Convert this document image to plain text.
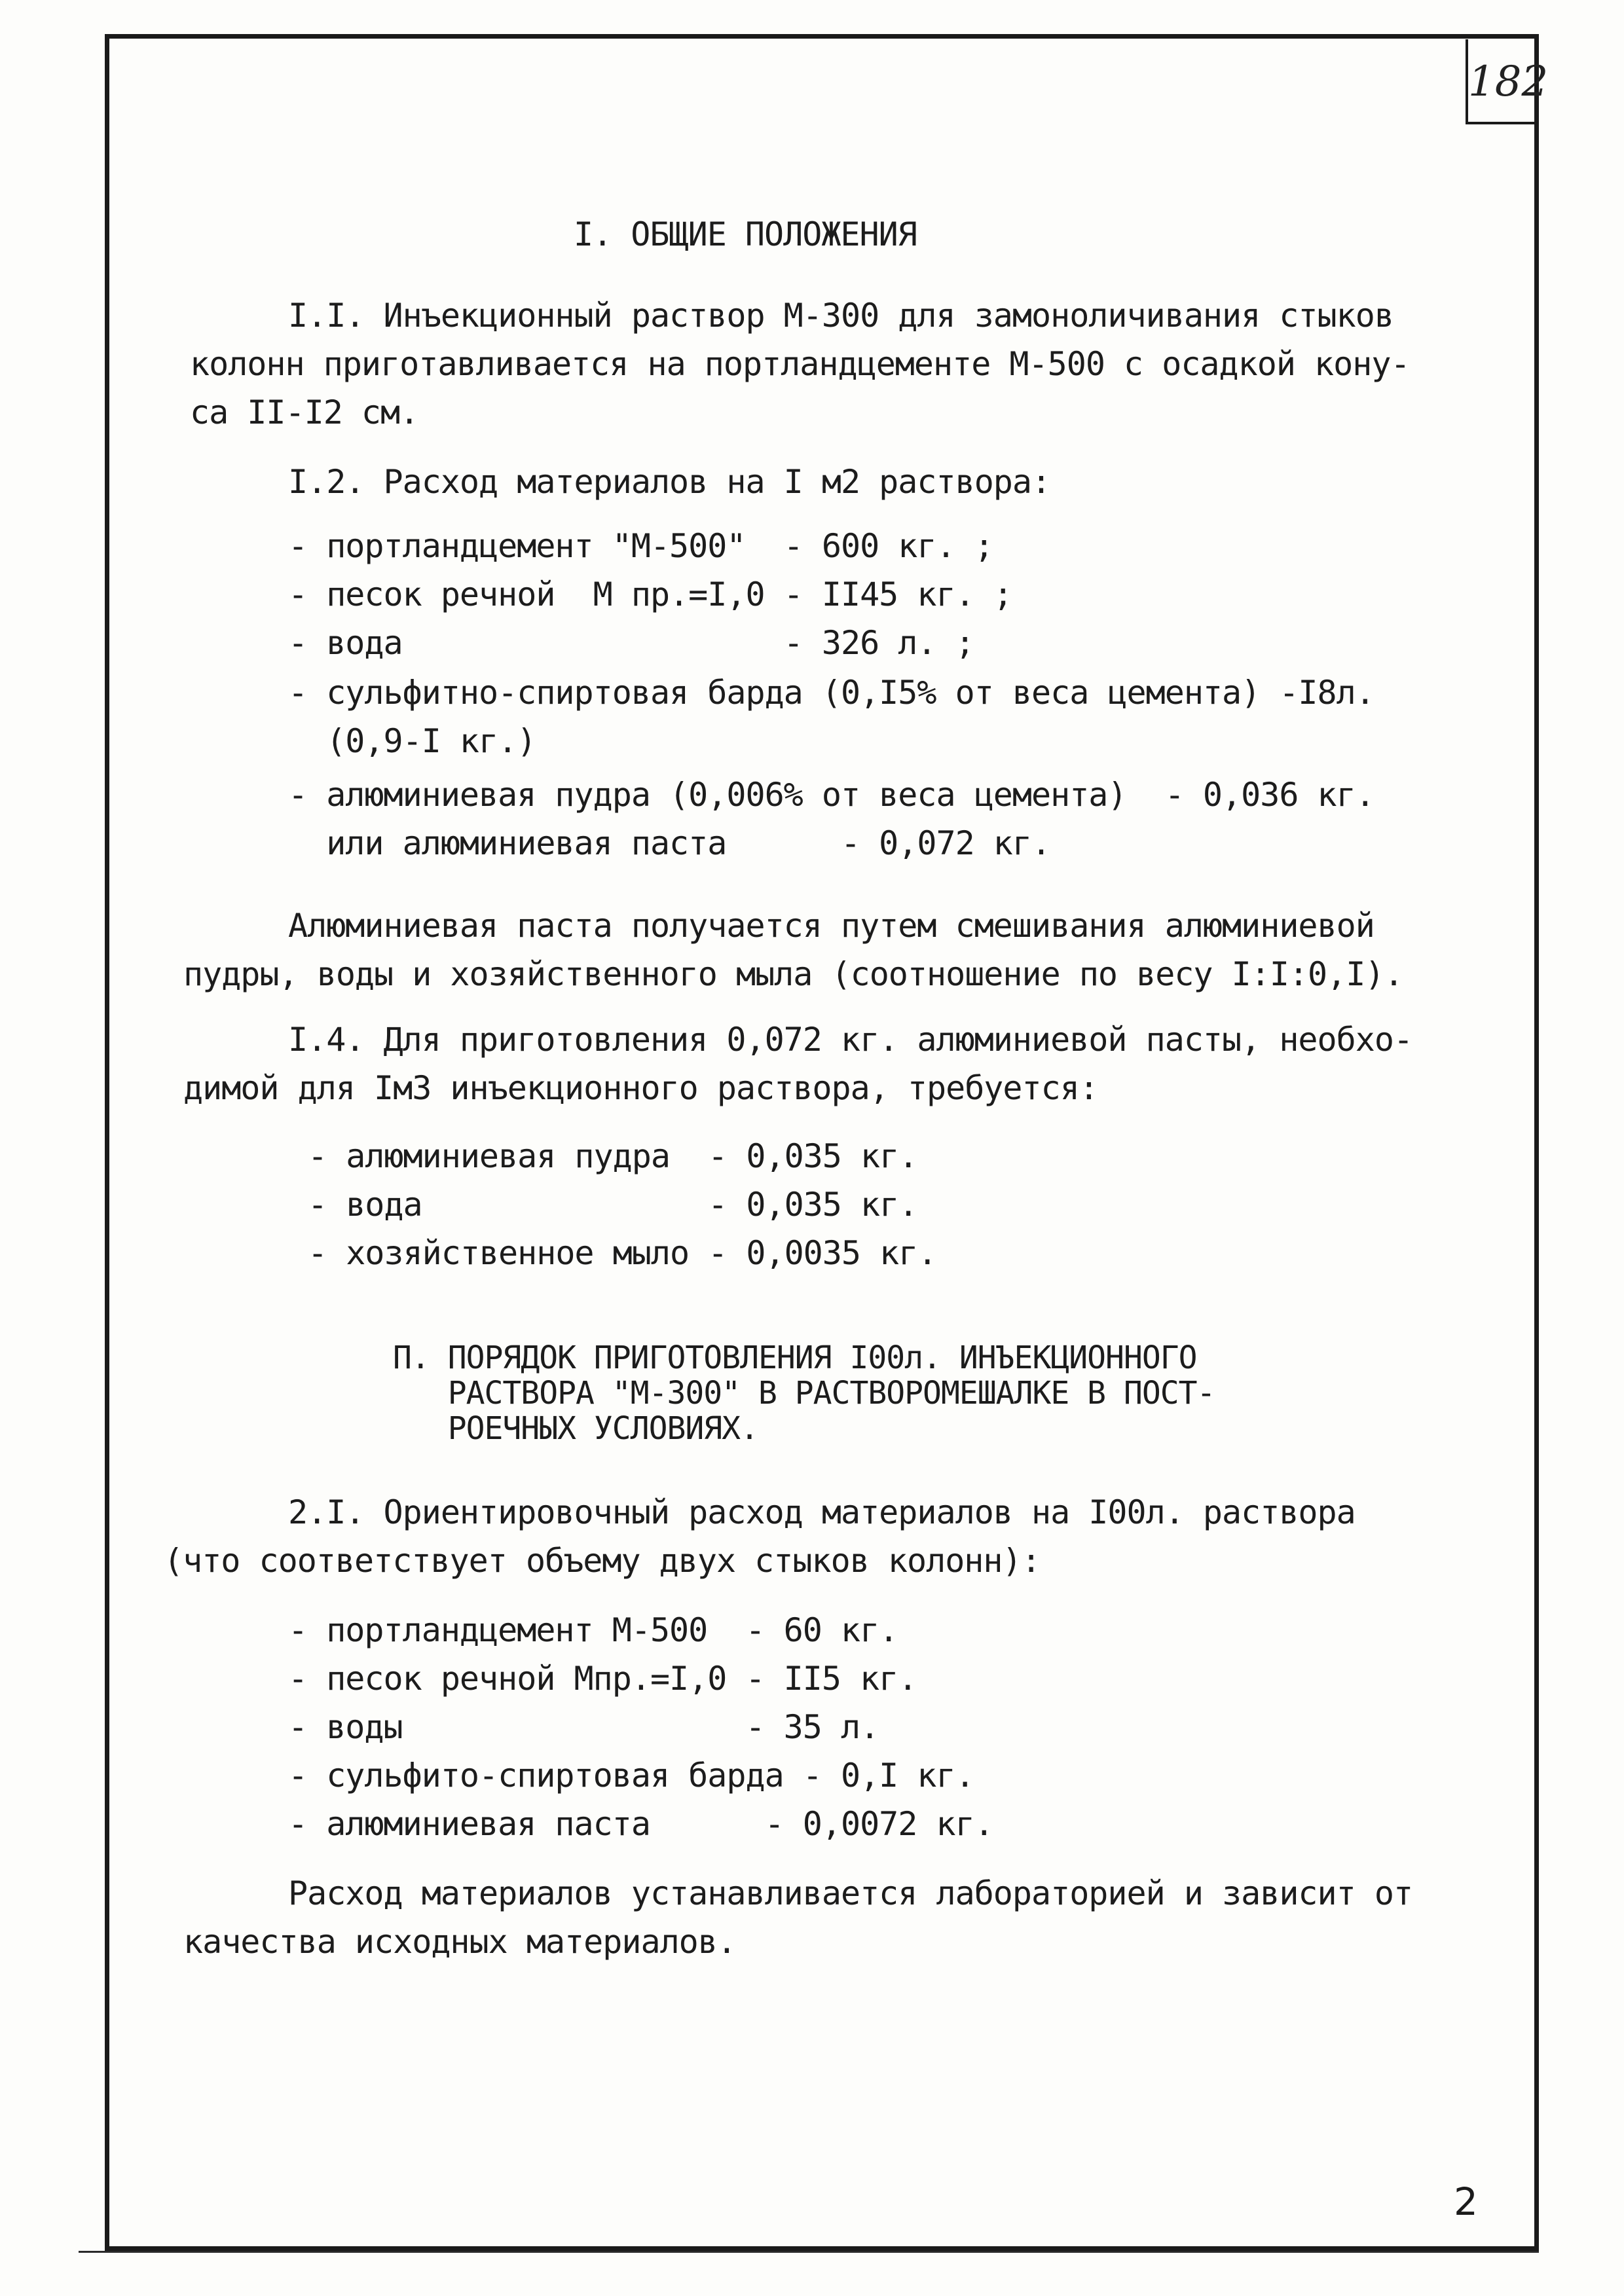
182
I. ОБЩИЕ ПОЛОЖЕНИЯ
I.I. Инъекционный раствор М-300 для замоноличивания стыков
колонн приготавливается на портландцементе М-500 с осадкой кону-
са II-I2 см.
I.2. Расход материалов на I м2 раствора:
- портландцемент "М-500"  - 600 кг. ;
- песок речной  М пр.=I,0 - II45 кг. ;
- вода                    - 326 л. ;
- сульфитно-спиртовая барда (0,I5% от веса цемента) -I8л.
(0,9-I кг.)
- алюминиевая пудра (0,006% от веса цемента)  - 0,036 кг.
или алюминиевая паста      - 0,072 кг.
Алюминиевая паста получается путем смешивания алюминиевой
пудры, воды и хозяйственного мыла (соотношение по весу I:I:0,I).
I.4. Для приготовления 0,072 кг. алюминиевой пасты, необхо-
димой для Iм3 инъекционного раствора, требуется:
- алюминиевая пудра  - 0,035 кг.
- вода               - 0,035 кг.
- хозяйственное мыло - 0,0035 кг.
П. ПОРЯДОК ПРИГОТОВЛЕНИЯ I00л. ИНЪЕКЦИОННОГО
РАСТВОРА "М-300" В РАСТВОРОМЕШАЛКЕ В ПОСТ-
РОЕЧНЫХ УСЛОВИЯХ.
2.I. Ориентировочный расход материалов на I00л. раствора
(что соответствует объему двух стыков колонн):
- портландцемент М-500  - 60 кг.
- песок речной Мпр.=I,0 - II5 кг.
- воды                  - 35 л.
- сульфито-спиртовая барда - 0,I кг.
- алюминиевая паста      - 0,0072 кг.
Расход материалов устанавливается лабораторией и зависит от
качества исходных материалов.
2
